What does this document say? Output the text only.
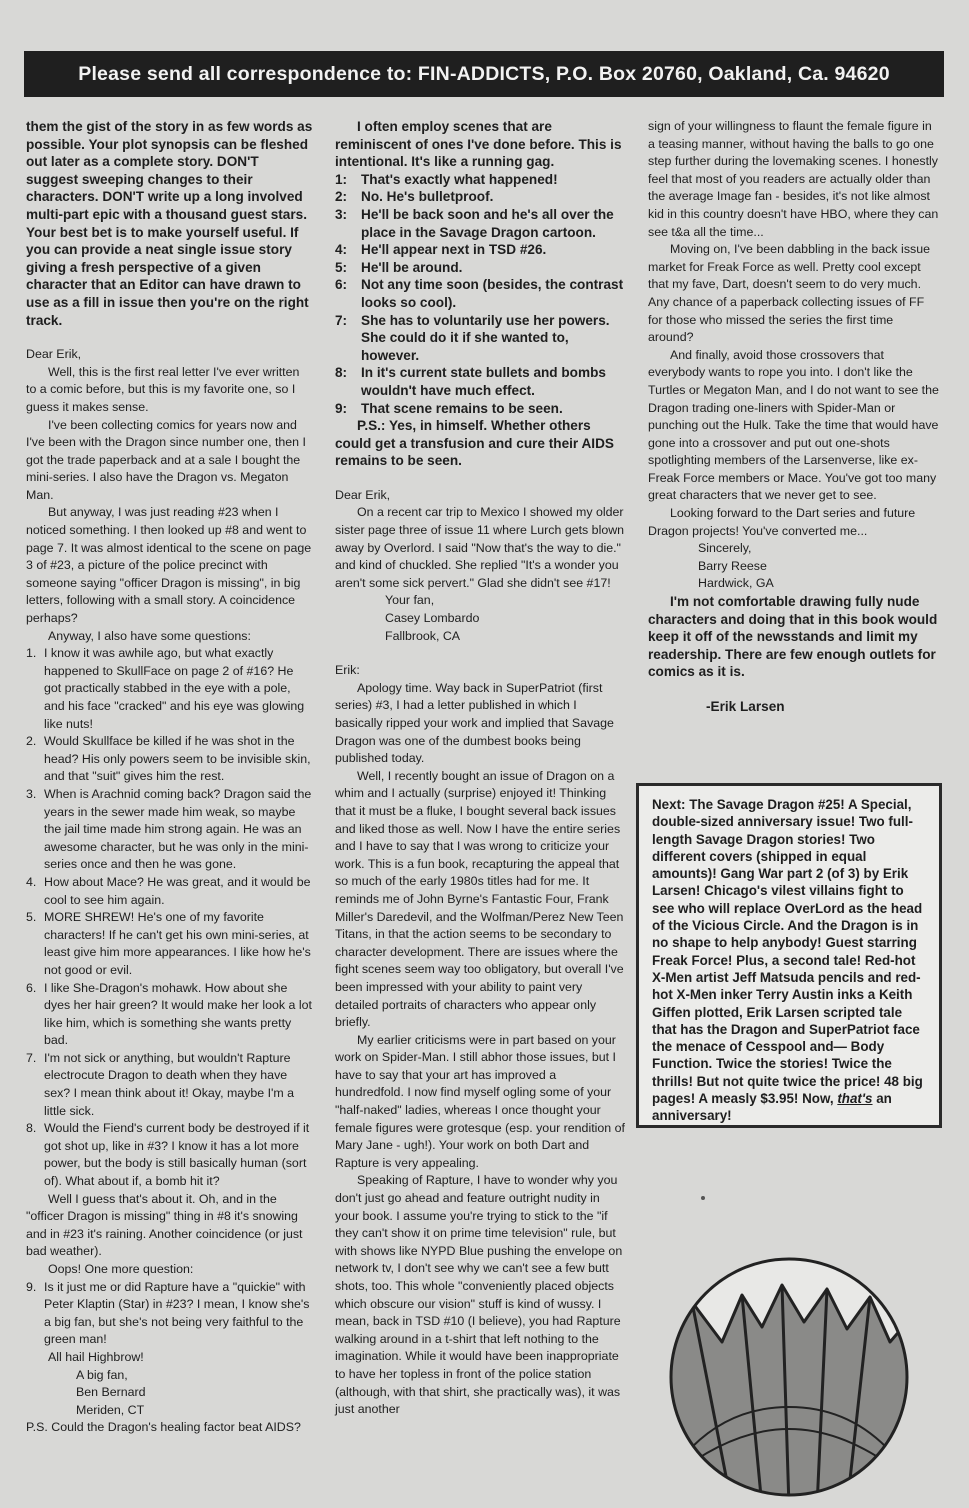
Please send all correspondence to: FIN-ADDICTS, P.O. Box 20760, Oakland, Ca. 94620

them the gist of the story in as few words as possible. Your plot synopsis can be fleshed out later as a complete story. DON'T suggest sweeping changes to their characters. DON'T write up a long involved multi-part epic with a thousand guest stars. Your best bet is to make yourself useful. If you can provide a neat single issue story giving a fresh perspective of a given character that an Editor can have drawn to use as a fill in issue then you're on the right track.

Dear Erik,

Well, this is the first real letter I've ever written to a comic before, but this is my favorite one, so I guess it makes sense.

I've been collecting comics for years now and I've been with the Dragon since number one, then I got the trade paperback and at a sale I bought the mini-series. I also have the Dragon vs. Megaton Man.

But anyway, I was just reading #23 when I noticed something. I then looked up #8 and went to page 7. It was almost identical to the scene on page 3 of #23, a picture of the police precinct with someone saying "officer Dragon is missing", in big letters, following with a small story. A coincidence perhaps?

Anyway, I also have some questions:

1. I know it was awhile ago, but what exactly happened to SkullFace on page 2 of #16? He got practically stabbed in the eye with a pole, and his face "cracked" and his eye was glowing like nuts!
2. Would Skullface be killed if he was shot in the head? His only powers seem to be invisible skin, and that "suit" gives him the rest.
3. When is Arachnid coming back? Dragon said the years in the sewer made him weak, so maybe the jail time made him strong again. He was an awesome character, but he was only in the mini-series once and then he was gone.
4. How about Mace? He was great, and it would be cool to see him again.
5. MORE SHREW! He's one of my favorite characters! If he can't get his own mini-series, at least give him more appearances. I like how he's not good or evil.
6. I like She-Dragon's mohawk. How about she dyes her hair green? It would make her look a lot like him, which is something she wants pretty bad.
7. I'm not sick or anything, but wouldn't Rapture electrocute Dragon to death when they have sex? I mean think about it! Okay, maybe I'm a little sick.
8. Would the Fiend's current body be destroyed if it got shot up, like in #3? I know it has a lot more power, but the body is still basically human (sort of). What about if, a bomb hit it?

Well I guess that's about it. Oh, and in the "officer Dragon is missing" thing in #8 it's snowing and in #23 it's raining. Another coincidence (or just bad weather).

Oops! One more question:

9. Is it just me or did Rapture have a "quickie" with Peter Klaptin (Star) in #23? I mean, I know she's a big fan, but she's not being very faithful to the green man!

All hail Highbrow!

A big fan,

Ben Bernard

Meriden, CT

P.S. Could the Dragon's healing factor beat AIDS?

I often employ scenes that are reminiscent of ones I've done before. This is intentional. It's like a running gag.

1:	That's exactly what happened!
2:	No. He's bulletproof.
3:	He'll be back soon and he's all over the place in the Savage Dragon cartoon.
4:	He'll appear next in TSD #26.
5:	He'll be around.
6:	Not any time soon (besides, the contrast looks so cool).
7:	She has to voluntarily use her powers. She could do it if she wanted to, however.
8:	In it's current state bullets and bombs wouldn't have much effect.
9:	That scene remains to be seen.

P.S.: Yes, in himself. Whether others could get a transfusion and cure their AIDS remains to be seen.

Dear Erik,

On a recent car trip to Mexico I showed my older sister page three of issue 11 where Lurch gets blown away by Overlord. I said "Now that's the way to die." and kind of chuckled. She replied "It's a wonder you aren't some sick pervert." Glad she didn't see #17!

Your fan,

Casey Lombardo

Fallbrook, CA

Erik:

Apology time. Way back in SuperPatriot (first series) #3, I had a letter published in which I basically ripped your work and implied that Savage Dragon was one of the dumbest books being published today.

Well, I recently bought an issue of Dragon on a whim and I actually (surprise) enjoyed it! Thinking that it must be a fluke, I bought several back issues and liked those as well. Now I have the entire series and I have to say that I was wrong to criticize your work. This is a fun book, recapturing the appeal that so much of the early 1980s titles had for me. It reminds me of John Byrne's Fantastic Four, Frank Miller's Daredevil, and the Wolfman/Perez New Teen Titans, in that the action seems to be secondary to character development. There are issues where the fight scenes seem way too obligatory, but overall I've been impressed with your ability to paint very detailed portraits of characters who appear only briefly.

My earlier criticisms were in part based on your work on Spider-Man. I still abhor those issues, but I have to say that your art has improved a hundredfold. I now find myself ogling some of your "half-naked" ladies, whereas I once thought your female figures were grotesque (esp. your rendition of Mary Jane - ugh!). Your work on both Dart and Rapture is very appealing.

Speaking of Rapture, I have to wonder why you don't just go ahead and feature outright nudity in your book. I assume you're trying to stick to the "if they can't show it on prime time television" rule, but with shows like NYPD Blue pushing the envelope on network tv, I don't see why we can't see a few butt shots, too. This whole "conveniently placed objects which obscure our vision" stuff is kind of wussy. I mean, back in TSD #10 (I believe), you had Rapture walking around in a t-shirt that left nothing to the imagination. While it would have been inappropriate to have her topless in front of the police station (although, with that shirt, she practically was), it was just another

sign of your willingness to flaunt the female figure in a teasing manner, without having the balls to go one step further during the lovemaking scenes. I honestly feel that most of you readers are actually older than the average Image fan - besides, it's not like almost kid in this country doesn't have HBO, where they can see t&a all the time...

Moving on, I've been dabbling in the back issue market for Freak Force as well. Pretty cool except that my fave, Dart, doesn't seem to do very much. Any chance of a paperback collecting issues of FF for those who missed the series the first time around?

And finally, avoid those crossovers that everybody wants to rope you into. I don't like the Turtles or Megaton Man, and I do not want to see the Dragon trading one-liners with Spider-Man or punching out the Hulk. Take the time that would have gone into a crossover and put out one-shots spotlighting members of the Larsenverse, like ex-Freak Force members or Mace. You've got too many great characters that we never get to see.

Looking forward to the Dart series and future Dragon projects! You've converted me...

Sincerely,

Barry Reese

Hardwick, GA

I'm not comfortable drawing fully nude characters and doing that in this book would keep it off of the newsstands and limit my readership. There are few enough outlets for comics as it is.

-Erik Larsen

Next: The Savage Dragon #25! A Special, double-sized anniversary issue! Two full-length Savage Dragon stories! Two different covers (shipped in equal amounts)! Gang War part 2 (of 3) by Erik Larsen! Chicago's vilest villains fight to see who will replace OverLord as the head of the Vicious Circle. And the Dragon is in no shape to help anybody! Guest starring Freak Force! Plus, a second tale! Red-hot X-Men artist Jeff Matsuda pencils and red-hot X-Men inker Terry Austin inks a Keith Giffen plotted, Erik Larsen scripted tale that has the Dragon and SuperPatriot face the menace of Cesspool and— Body Function. Twice the stories! Twice the thrills! But not quite twice the price! 48 big pages! A measly $3.95! Now, that's an anniversary!
